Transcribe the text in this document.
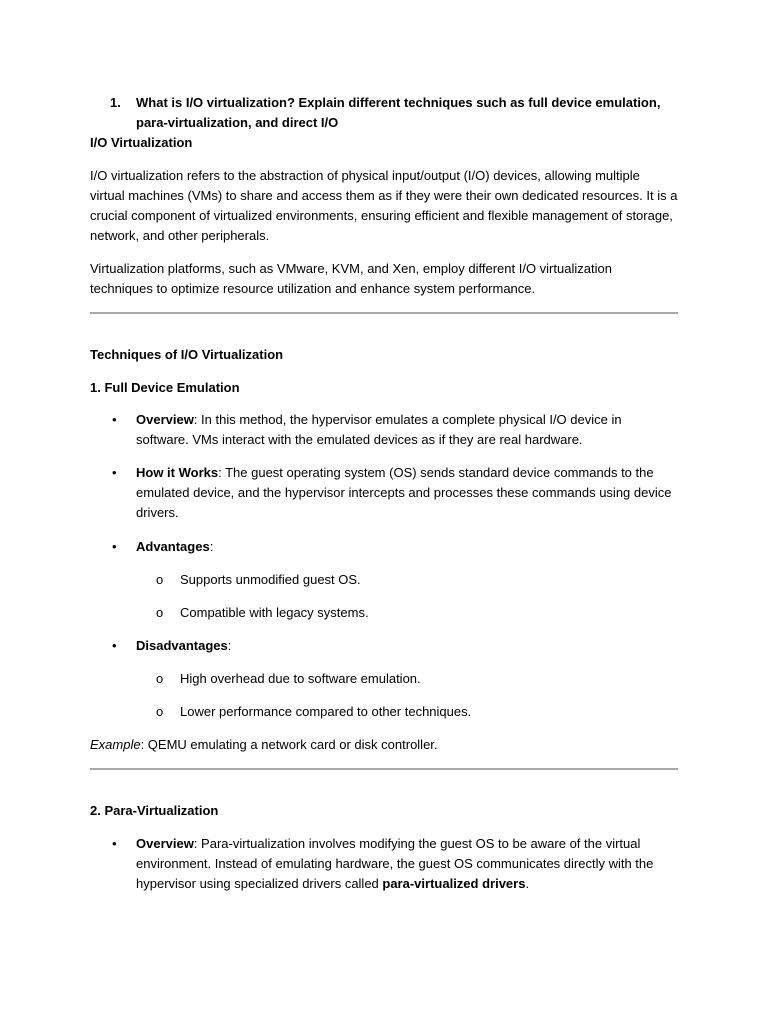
1. What is I/O virtualization? Explain different techniques such as full device emulation, para-virtualization, and direct I/O

I/O Virtualization

I/O virtualization refers to the abstraction of physical input/output (I/O) devices, allowing multiple virtual machines (VMs) to share and access them as if they were their own dedicated resources. It is a crucial component of virtualized environments, ensuring efficient and flexible management of storage, network, and other peripherals.

Virtualization platforms, such as VMware, KVM, and Xen, employ different I/O virtualization techniques to optimize resource utilization and enhance system performance.

Techniques of I/O Virtualization

1. Full Device Emulation

• Overview: In this method, the hypervisor emulates a complete physical I/O device in software. VMs interact with the emulated devices as if they are real hardware.
• How it Works: The guest operating system (OS) sends standard device commands to the emulated device, and the hypervisor intercepts and processes these commands using device drivers.
• Advantages:
o Supports unmodified guest OS.
o Compatible with legacy systems.
• Disadvantages:
o High overhead due to software emulation.
o Lower performance compared to other techniques.

Example: QEMU emulating a network card or disk controller.

2. Para-Virtualization

• Overview: Para-virtualization involves modifying the guest OS to be aware of the virtual environment. Instead of emulating hardware, the guest OS communicates directly with the hypervisor using specialized drivers called para-virtualized drivers.
